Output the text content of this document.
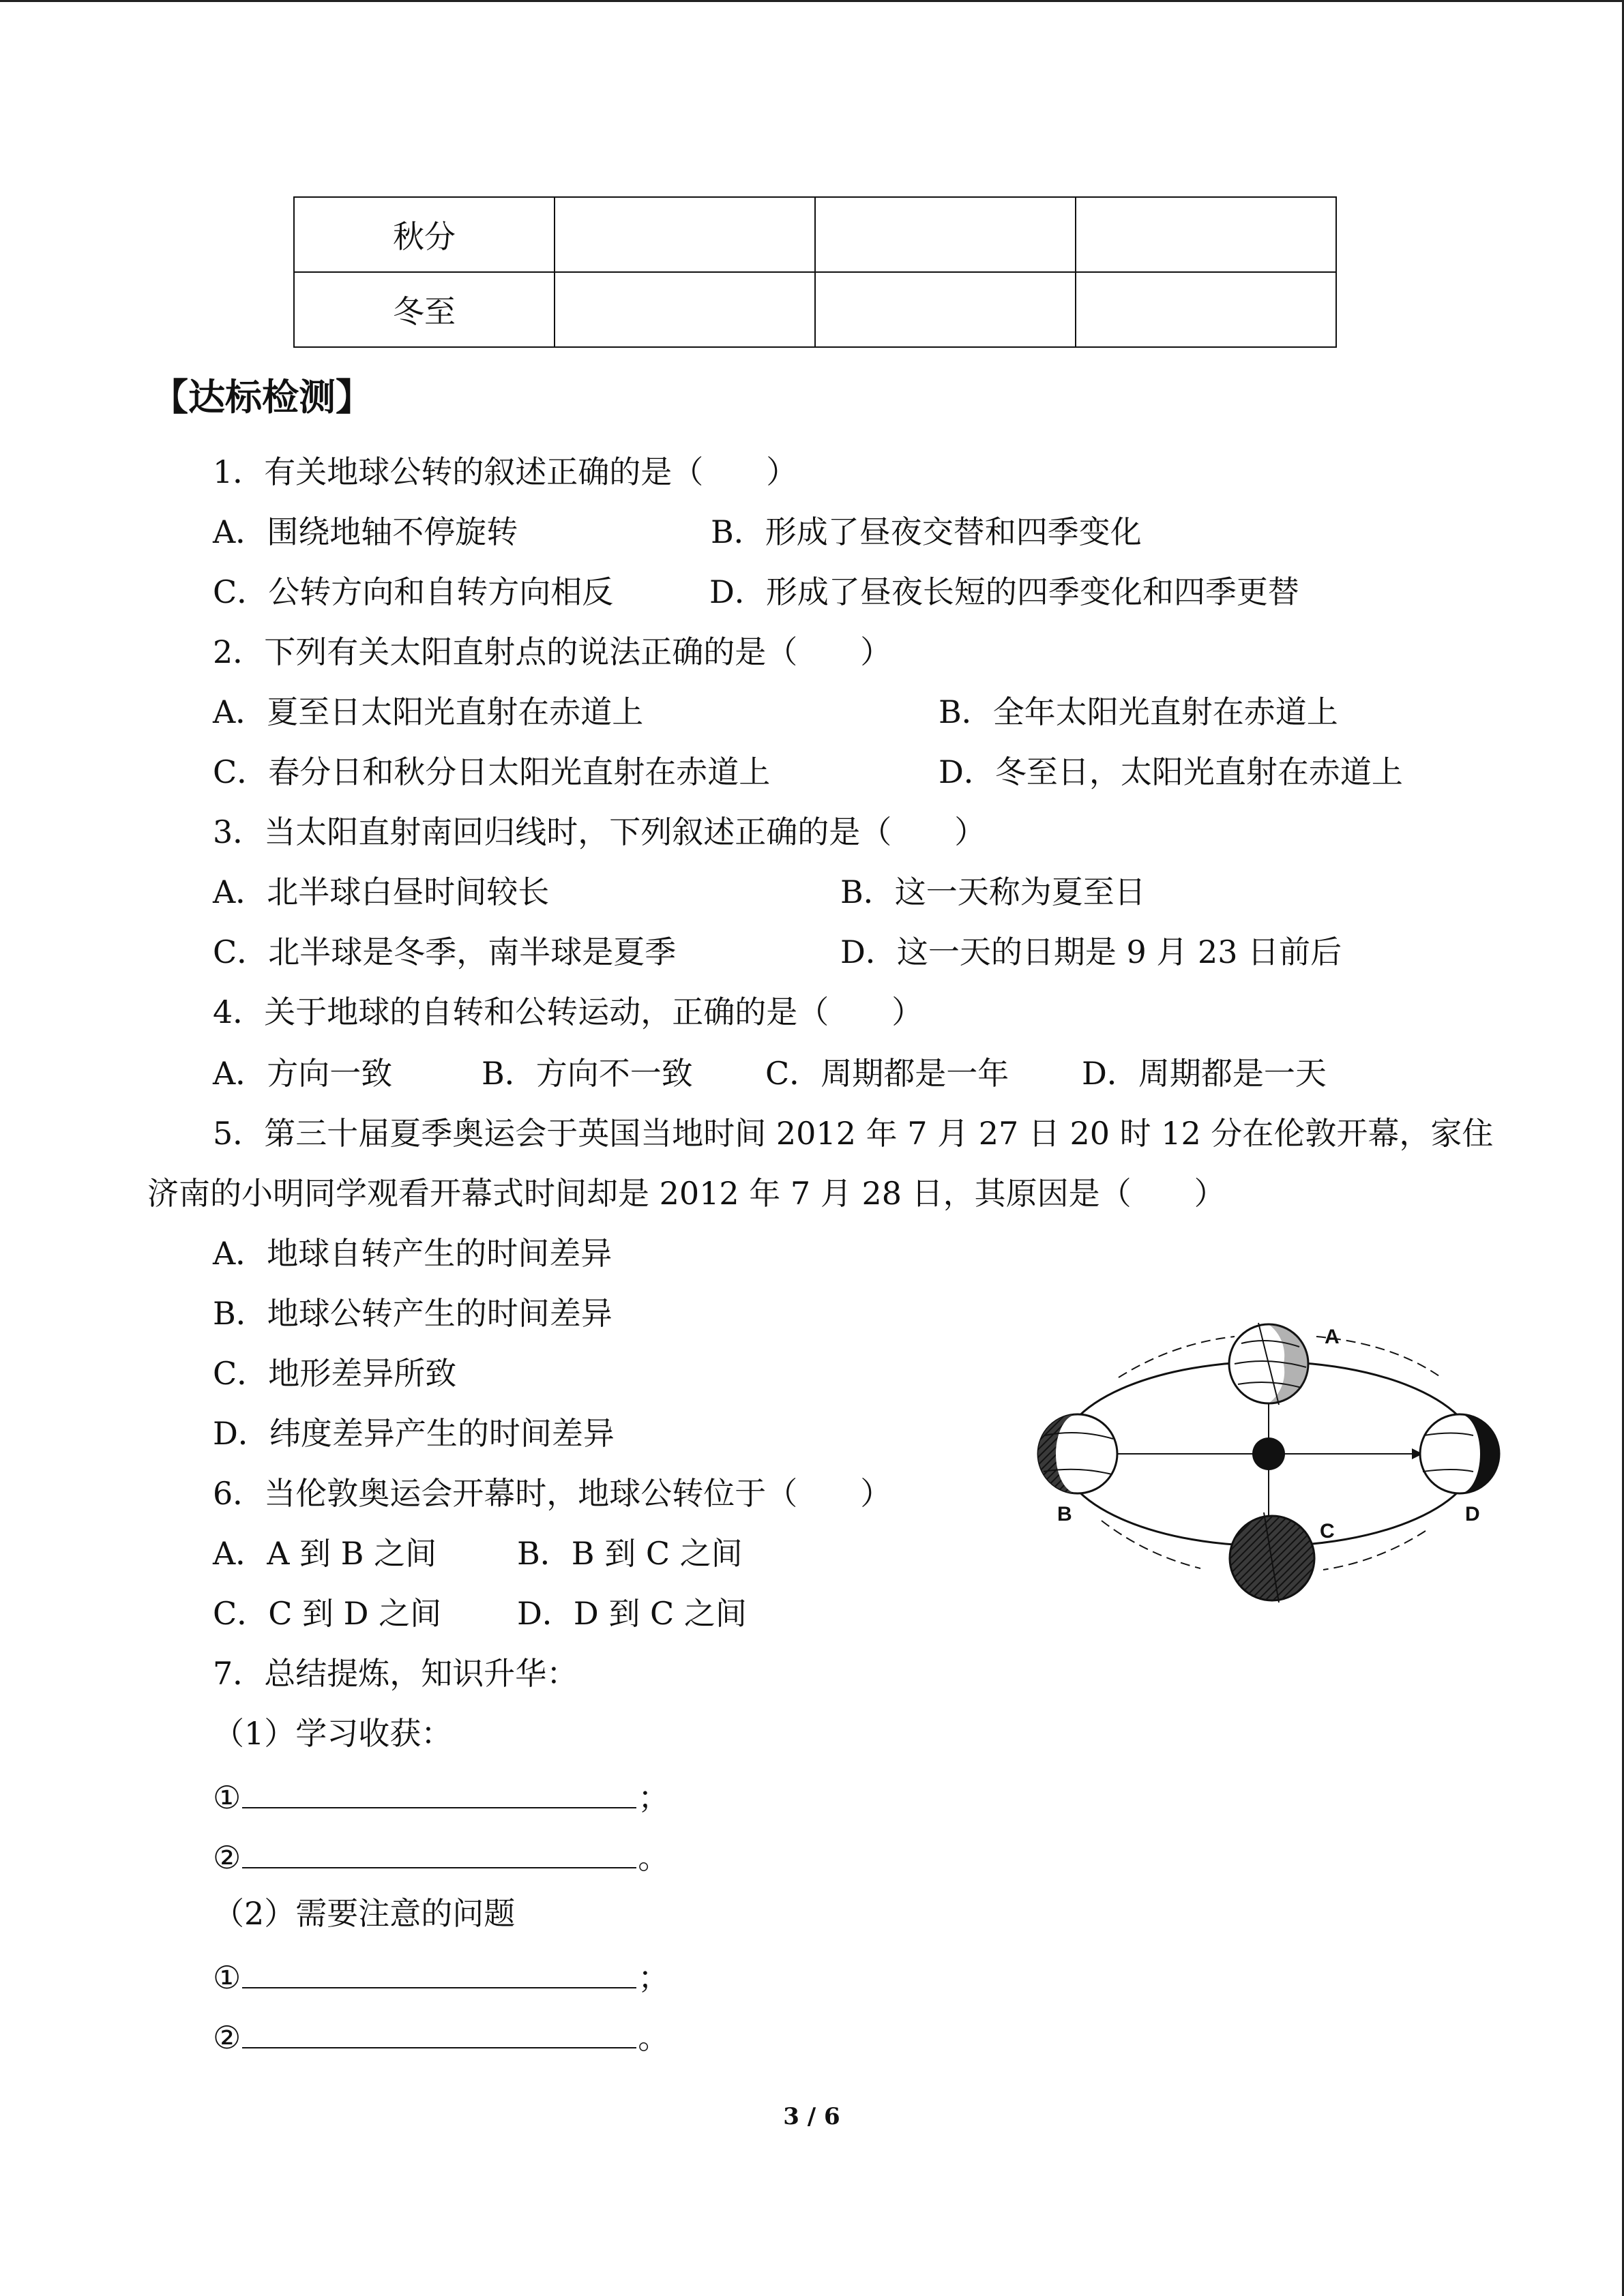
秋分			
冬至			
【达标检测】
1．有关地球公转的叙述正确的是（　　）
A．围绕地轴不停旋转	B．形成了昼夜交替和四季变化
C．公转方向和自转方向相反	D．形成了昼夜长短的四季变化和四季更替
2．下列有关太阳直射点的说法正确的是（　　）
A．夏至日太阳光直射在赤道上	B．全年太阳光直射在赤道上
C．春分日和秋分日太阳光直射在赤道上	D．冬至日，太阳光直射在赤道上
3．当太阳直射南回归线时，下列叙述正确的是（　　）
A．北半球白昼时间较长	B．这一天称为夏至日
C．北半球是冬季，南半球是夏季	D．这一天的日期是 9 月 23 日前后
4．关于地球的自转和公转运动，正确的是（　　）
A．方向一致	B．方向不一致 C．周期都是一年 D．周期都是一天
5．第三十届夏季奥运会于英国当地时间 2012 年 7 月 27 日 20 时 12 分在伦敦开幕，家住
济南的小明同学观看开幕式时间却是 2012 年 7 月 28 日，其原因是（　　）
A．地球自转产生的时间差异
B．地球公转产生的时间差异
C．地形差异所致
D．纬度差异产生的时间差异
6．当伦敦奥运会开幕时，地球公转位于（　　）
A．A 到 B 之间	B．B 到 C 之间
C．C 到 D 之间 D．D 到 C 之间
7．总结提炼，知识升华：
（1）学习收获：
①	；
②	。
（2）需要注意的问题
①	；
②	。
A
B
C
D
3 / 6
